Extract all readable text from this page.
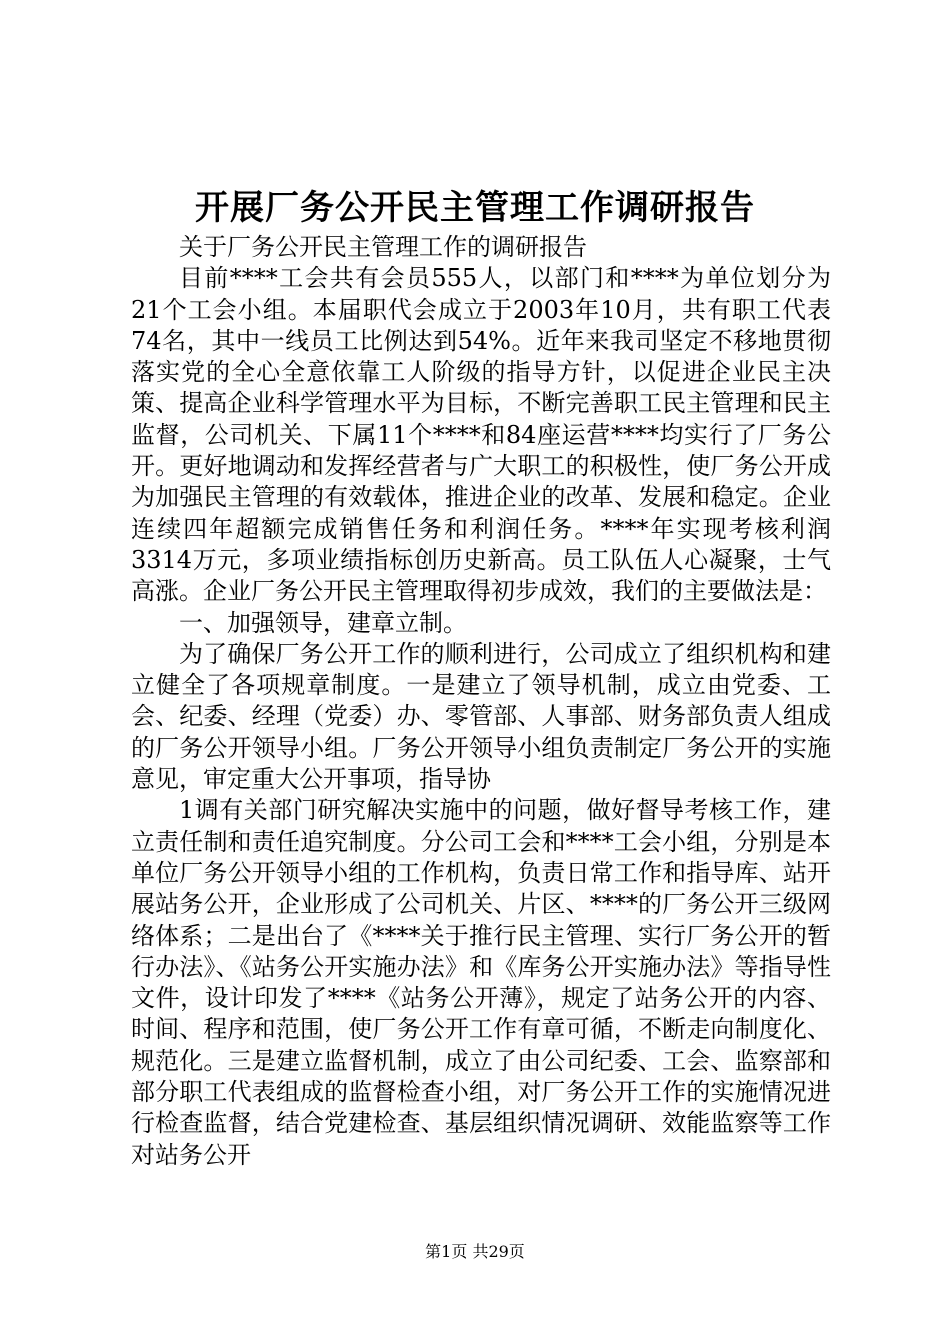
开展厂务公开民主管理工作调研报告

关于厂务公开民主管理工作的调研报告

目前****工会共有会员555人，以部门和****为单位划分为21个工会小组。本届职代会成立于2003年10月，共有职工代表74名，其中一线员工比例达到54%。近年来我司坚定不移地贯彻落实党的全心全意依靠工人阶级的指导方针，以促进企业民主决策、提高企业科学管理水平为目标，不断完善职工民主管理和民主监督，公司机关、下属11个****和84座运营****均实行了厂务公开。更好地调动和发挥经营者与广大职工的积极性，使厂务公开成为加强民主管理的有效载体，推进企业的改革、发展和稳定。企业连续四年超额完成销售任务和利润任务。****年实现考核利润3314万元，多项业绩指标创历史新高。员工队伍人心凝聚，士气高涨。企业厂务公开民主管理取得初步成效，我们的主要做法是：

一、加强领导，建章立制。

为了确保厂务公开工作的顺利进行，公司成立了组织机构和建立健全了各项规章制度。一是建立了领导机制，成立由党委、工会、纪委、经理（党委）办、零管部、人事部、财务部负责人组成的厂务公开领导小组。厂务公开领导小组负责制定厂务公开的实施意见，审定重大公开事项，指导协

1调有关部门研究解决实施中的问题，做好督导考核工作，建立责任制和责任追究制度。分公司工会和****工会小组，分别是本单位厂务公开领导小组的工作机构，负责日常工作和指导库、站开展站务公开，企业形成了公司机关、片区、****的厂务公开三级网络体系；二是出台了《****关于推行民主管理、实行厂务公开的暂行办法》、《站务公开实施办法》和《库务公开实施办法》等指导性文件，设计印发了****《站务公开薄》，规定了站务公开的内容、时间、程序和范围，使厂务公开工作有章可循，不断走向制度化、规范化。三是建立监督机制，成立了由公司纪委、工会、监察部和部分职工代表组成的监督检查小组，对厂务公开工作的实施情况进行检查监督，结合党建检查、基层组织情况调研、效能监察等工作对站务公开

第1页 共29页
